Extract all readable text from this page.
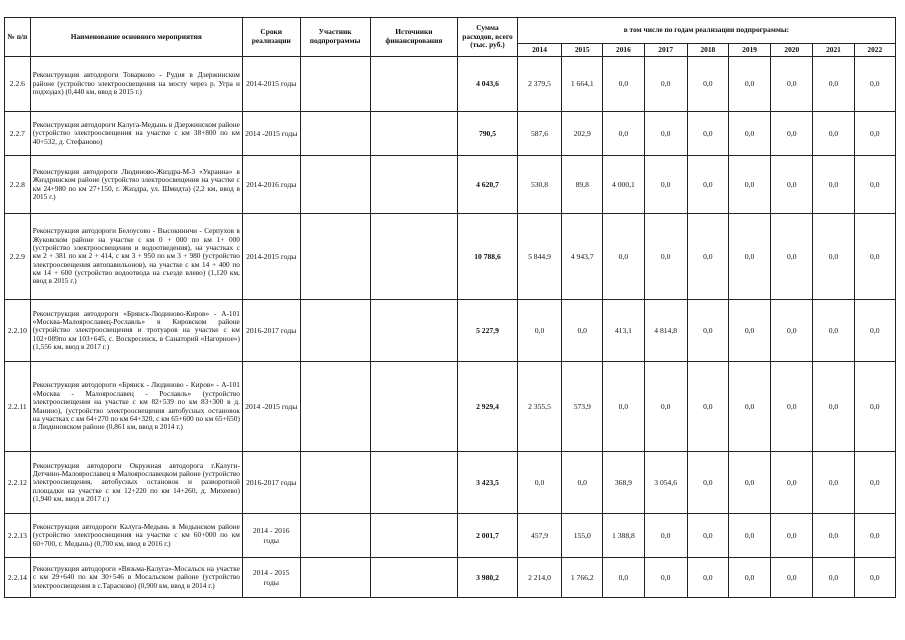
№ п/п	Наименование основного мероприятия	Сроки реализации	Участник подпрограммы	Источники финансирования	Сумма расходов, всего (тыс. руб.)	в том числе по годам реализации подпрограммы:								
						2014	2015	2016	2017	2018	2019	2020	2021	2022
2.2.6	Реконструкция автодороги Товарково - Рудня в Дзержинском районе (устройство электроосвещения на мосту через р. Угра и подходах) (0,440 км, ввод в 2015 г.)	2014-2015 годы			4 043,6	2 379,5	1 664,1	0,0	0,0	0,0	0,0	0,0	0,0	0,0
2.2.7	Реконструкция автодороги Калуга-Медынь в Дзержинском районе (устройство электроосвещения на участке с км 38+800 по км 40+532, д. Стефаново)	2014 -2015 годы			790,5	587,6	202,9	0,0	0,0	0,0	0,0	0,0	0,0	0,0
2.2.8	Реконструкция автодороги Людиново-Жиздра-М-3 «Украина» в Жиздринском районе (устройство электроосвещения на участке с км 24+980 по км 27+150, г. Жиздра, ул. Шмидта) (2,2 км, ввод в 2015 г.)	2014-2016 годы			4 620,7	530,8	89,8	4 000,1	0,0	0,0	0,0	0,0	0,0	0,0
2.2.9	Реконструкция автодороги Белоусово - Высокиничи - Серпухов в Жуковском районе на участке с км 0 + 000 по км 1+ 000 (устройство электроосвещения и водоотведения), на участках с км 2 + 381 по км 2 + 414, с км 3 + 950 по км 3 + 980 (устройство электроосвещения автопавильонов), на участке с км 14 + 400 по км 14 + 600 (устройство водоотвода на съезде влево) (1,120 км, ввод в 2015 г.)	2014-2015 годы			10 788,6	5 844,9	4 943,7	0,0	0,0	0,0	0,0	0,0	0,0	0,0
2.2.10	Реконструкция автодороги «Брянск-Людиново-Киров» - А-101 «Москва-Малоярославец-Рославль» в Кировском районе (устройство электроосвещения и тротуаров на участке с км 102+089по км 103+645, с. Воскресенск, в Санаторий «Нагорное») (1,556 км, ввод в 2017 г.)	2016-2017 годы			5 227,9	0,0	0,0	413,1	4 814,8	0,0	0,0	0,0	0,0	0,0
2.2.11	Реконструкция автодороги «Брянск - Людиново - Киров» - А-101 «Москва - Малоярославец - Рославль» (устройство электроосвещения на участке с км 82+539 по км 83+300 в д. Манино), (устройство электроосвещения автобусных остановок на участках с км 64+270 по км 64+320, с км 65+600 по км 65+650) в Людиновском районе (0,861 км, ввод в 2014 г.)	2014 -2015 годы			2 929,4	2 355,5	573,9	0,0	0,0	0,0	0,0	0,0	0,0	0,0
2.2.12	Реконструкция автодороги Окружная автодорога г.Калуги-Детчино-Малоярославец в Малоярославецком районе (устройство электроосвещения, автобусных остановок и разворотной площадки на участке с км 12+220 по км 14+260, д. Михеево) (1,940 км, ввод в 2017 г.)	2016-2017 годы			3 423,5	0,0	0,0	368,9	3 054,6	0,0	0,0	0,0	0,0	0,0
2.2.13	Реконструкция автодороги Калуга-Медынь в Медынском районе (устройство электроосвещения на участке с км 60+000 по км 60+700, г. Медынь) (0,700 км, ввод в 2016 г.)	2014 - 2016 годы			2 001,7	457,9	155,0	1 388,8	0,0	0,0	0,0	0,0	0,0	0,0
2.2.14	Реконструкция автодороги «Вязьма-Калуга»-Мосальск на участке с км 29+640 по км 30+546 в Мосальском районе (устройство электроосвещения в с.Тарасково) (0,900 км, ввод в 2014 г.)	2014 - 2015 годы			3 980,2	2 214,0	1 766,2	0,0	0,0	0,0	0,0	0,0	0,0	0,0
